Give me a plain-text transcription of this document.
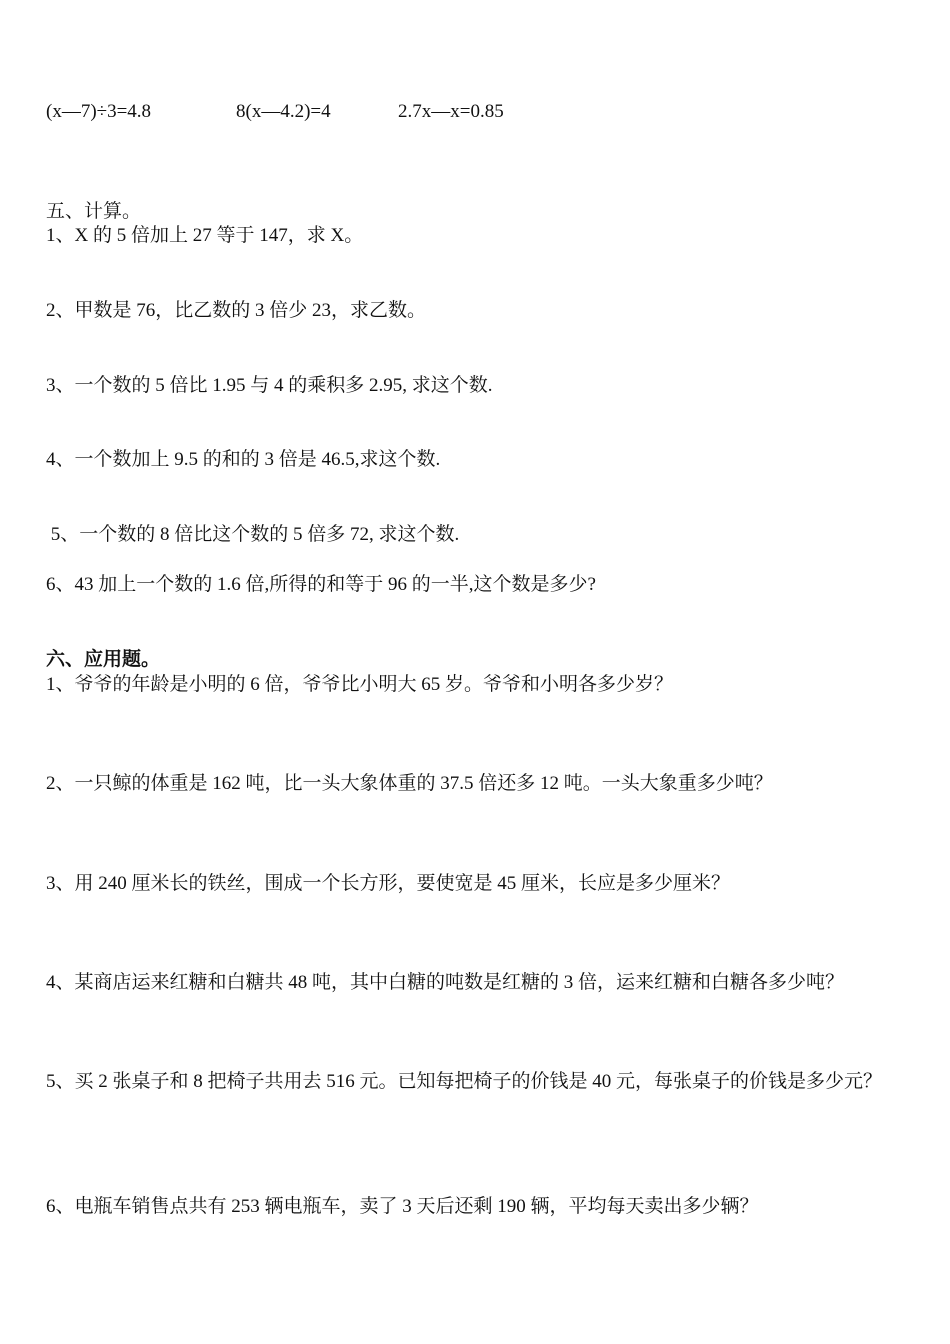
(x—7)÷3=4.8	8(x—4.2)=4	2.7x—x=0.85
五、计算。
1、X 的 5 倍加上 27 等于 147，求 X。
2、甲数是 76，比乙数的 3 倍少 23，求乙数。
3、一个数的 5 倍比 1.95 与 4 的乘积多 2.95, 求这个数.
4、一个数加上 9.5 的和的 3 倍是 46.5,求这个数.
5、一个数的 8 倍比这个数的 5 倍多 72, 求这个数.
6、43 加上一个数的 1.6 倍,所得的和等于 96 的一半,这个数是多少?
六、应用题。
1、爷爷的年龄是小明的 6 倍，爷爷比小明大 65 岁。爷爷和小明各多少岁？
2、一只鲸的体重是 162 吨，比一头大象体重的 37.5 倍还多 12 吨。一头大象重多少吨？
3、用 240 厘米长的铁丝，围成一个长方形，要使宽是 45 厘米，长应是多少厘米？
4、某商店运来红糖和白糖共 48 吨，其中白糖的吨数是红糖的 3 倍，运来红糖和白糖各多少吨？
5、买 2 张桌子和 8 把椅子共用去 516 元。已知每把椅子的价钱是 40 元，每张桌子的价钱是多少元？
6、电瓶车销售点共有 253 辆电瓶车，卖了 3 天后还剩 190 辆，平均每天卖出多少辆？
